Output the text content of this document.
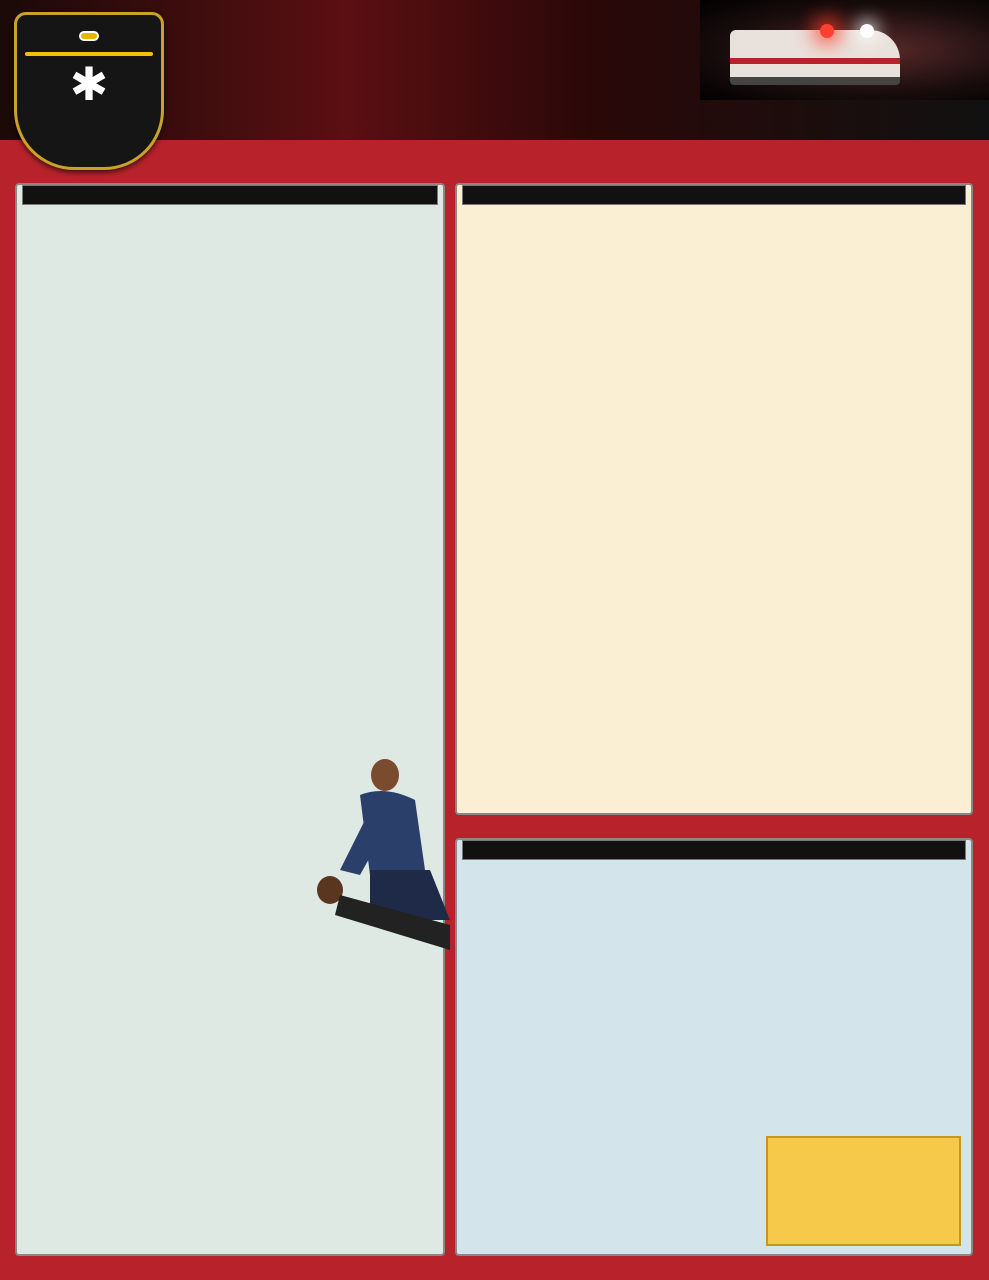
✱
